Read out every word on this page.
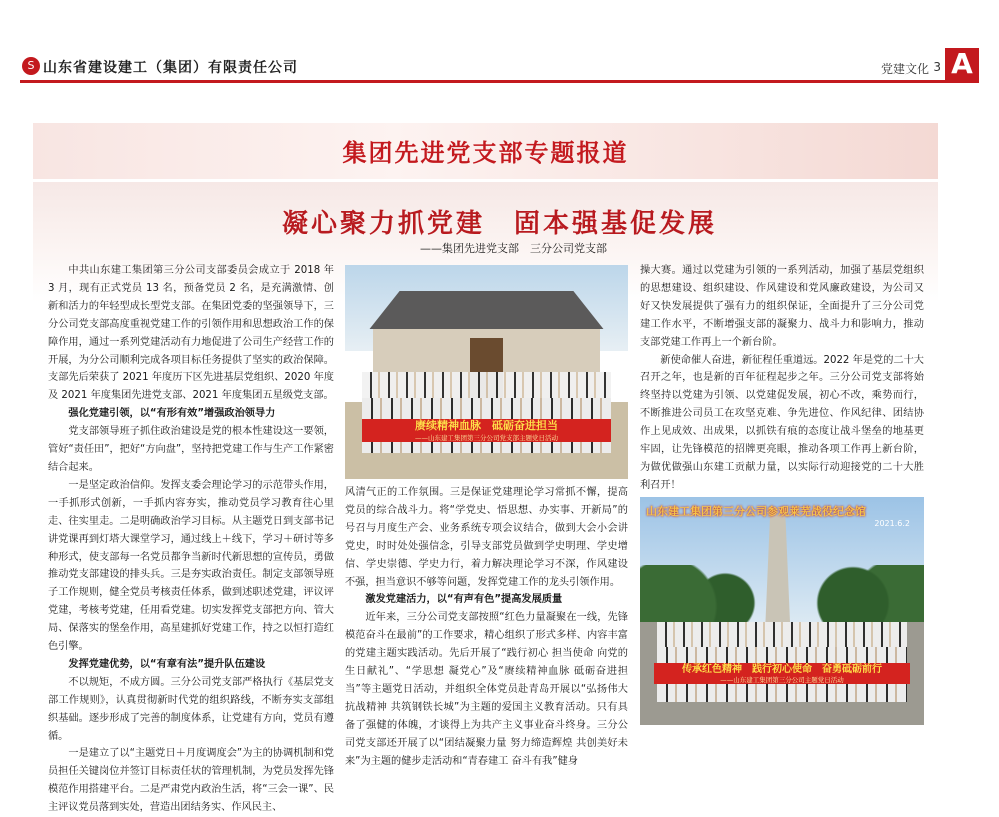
S 山东省建设建工（集团）有限责任公司	党建文化 3 A
集团先进党支部专题报道
凝心聚力抓党建　固本强基促发展
——集团先进党支部　三分公司党支部

中共山东建工集团第三分公司支部委员会成立于 2018 年 3 月，现有正式党员 13 名，预备党员 2 名，是充满激情、创新和活力的年轻型成长型党支部。在集团党委的坚强领导下，三分公司党支部高度重视党建工作的引领作用和思想政治工作的保障作用，通过一系列党建活动有力地促进了公司生产经营工作的开展，为分公司顺利完成各项目标任务提供了坚实的政治保障。支部先后荣获了 2021 年度历下区先进基层党组织、2020 年度及 2021 年度集团先进党支部、2021 年度集团五星级党支部。

强化党建引领，以“有形有效”增强政治领导力

党支部领导班子抓住政治建设是党的根本性建设这一要领，管好“责任田”，把好“方向盘”，坚持把党建工作与生产工作紧密结合起来。

一是坚定政治信仰。发挥支委会理论学习的示范带头作用，一手抓形式创新，一手抓内容夯实，推动党员学习教育往心里走、往实里走。二是明确政治学习目标。从主题党日到支部书记讲党课再到灯塔大课堂学习，通过线上＋线下，学习＋研讨等多种形式，使支部每一名党员都争当新时代新思想的宣传员，勇做推动党支部建设的排头兵。三是夯实政治责任。制定支部领导班子工作规则，健全党员考核责任体系，做到述职述党建，评议评党建，考核考党建，任用看党建。切实发挥党支部把方向、管大局、保落实的堡垒作用，高星建抓好党建工作，持之以恒打造红色引擎。

发挥党建优势，以“有章有法”提升队伍建设

不以规矩，不成方圆。三分公司党支部严格执行《基层党支部工作规则》，认真贯彻新时代党的组织路线，不断夯实支部组织基础。逐步形成了完善的制度体系，让党建有方向，党员有遵循。

一是建立了以“主题党日＋月度调度会”为主的协调机制和党员担任关键岗位并签订目标责任状的管理机制，为党员发挥先锋模范作用搭建平台。二是严肃党内政治生活，将“三会一课”、民主评议党员落到实处，营造出团结务实、作风民主、

赓续精神血脉　砥砺奋进担当
——山东建工集团第三分公司党支部主题党日活动

风清气正的工作氛围。三是保证党建理论学习常抓不懈，提高党员的综合战斗力。将“学党史、悟思想、办实事、开新局”的号召与月度生产会、业务系统专项会议结合，做到大会小会讲党史，时时处处强信念，引导支部党员做到学史明理、学史增信、学史崇德、学史力行，着力解决理论学习不深，作风建设不强，担当意识不够等问题，发挥党建工作的龙头引领作用。

激发党建活力，以“有声有色”提高发展质量

近年来，三分公司党支部按照“红色力量凝聚在一线，先锋模范奋斗在最前”的工作要求，精心组织了形式多样、内容丰富的党建主题实践活动。先后开展了“践行初心 担当使命 向党的生日献礼”、“学思想 凝党心”及“赓续精神血脉 砥砺奋进担当”等主题党日活动，并组织全体党员赴青岛开展以“弘扬伟大抗战精神 共筑钢铁长城”为主题的爱国主义教育活动。只有具备了强健的体魄，才谈得上为共产主义事业奋斗终身。三分公司党支部还开展了以“团结凝聚力量 努力缔造辉煌 共创美好未来”为主题的健步走活动和“青春建工 奋斗有我”健身

操大赛。通过以党建为引领的一系列活动，加强了基层党组织的思想建设、组织建设、作风建设和党风廉政建设，为公司又好又快发展提供了强有力的组织保证，全面提升了三分公司党建工作水平，不断增强支部的凝聚力、战斗力和影响力，推动支部党建工作再上一个新台阶。

新使命催人奋进，新征程任重道远。2022 年是党的二十大召开之年，也是新的百年征程起步之年。三分公司党支部将始终坚持以党建为引领、以党建促发展，初心不改，乘势而行，不断推进公司员工在攻坚克难、争先进位、作风纪律、团结协作上见成效、出成果，以抓铁有痕的态度让战斗堡垒的地基更牢固，让先锋模范的招牌更亮眼，推动各项工作再上新台阶，为做优做强山东建工贡献力量，以实际行动迎接党的二十大胜利召开！

山东建工集团第三分公司参观莱芜战役纪念馆
2021.6.2
传承红色精神　践行初心使命　奋勇砥砺前行
——山东建工集团第三分公司主题党日活动
